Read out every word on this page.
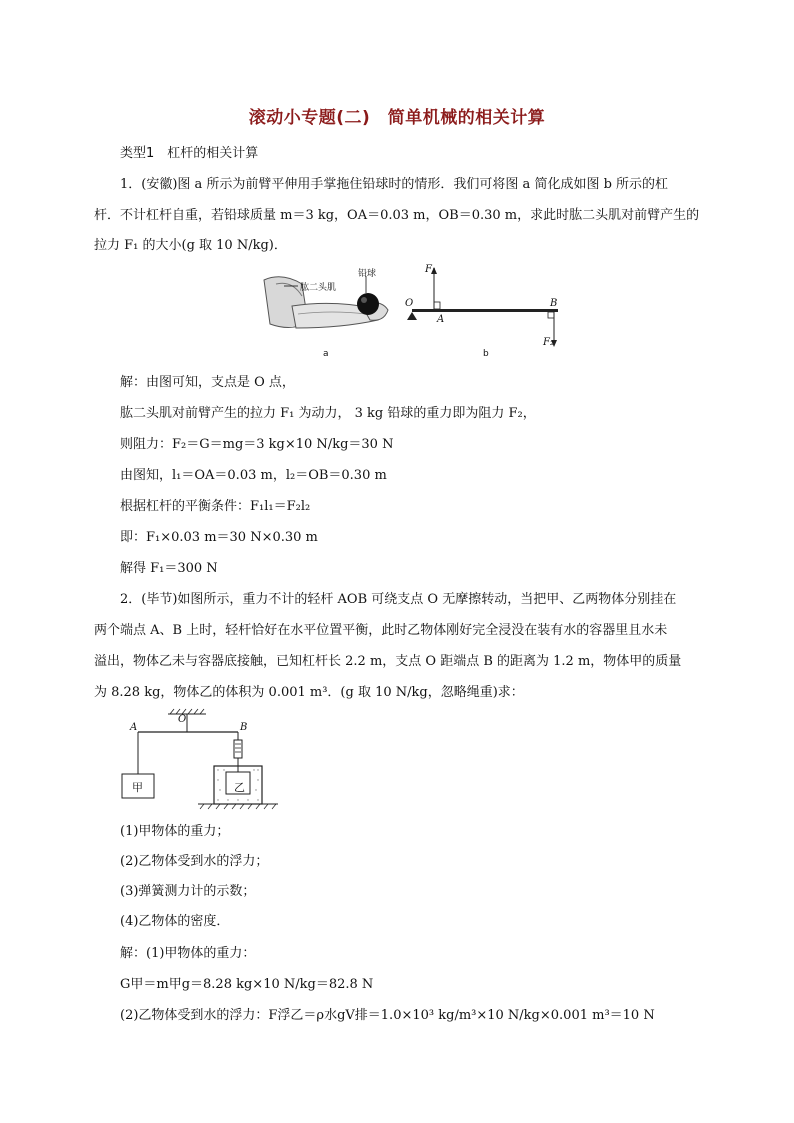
滚动小专题(二)　简单机械的相关计算
类型1　杠杆的相关计算
1．(安徽)图 a 所示为前臂平伸用手掌拖住铅球时的情形．我们可将图 a 简化成如图 b 所示的杠
杆．不计杠杆自重，若铅球质量 m＝3 kg，OA＝0.03 m，OB＝0.30 m，求此时肱二头肌对前臂产生的
拉力 F₁ 的大小(g 取 10 N/kg)．
肱二头肌
铅球
a
O
A
B
F₁
F₂
b
解：由图可知，支点是 O 点，
肱二头肌对前臂产生的拉力 F₁ 为动力， 3 kg 铅球的重力即为阻力 F₂，
则阻力：F₂＝G＝mg＝3 kg×10 N/kg＝30 N
由图知，l₁＝OA＝0.03 m，l₂＝OB＝0.30 m
根据杠杆的平衡条件：F₁l₁＝F₂l₂
即：F₁×0.03 m＝30 N×0.30 m
解得 F₁＝300 N
2．(毕节)如图所示，重力不计的轻杆 AOB 可绕支点 O 无摩擦转动，当把甲、乙两物体分别挂在
两个端点 A、B 上时，轻杆恰好在水平位置平衡，此时乙物体刚好完全浸没在装有水的容器里且水未
溢出，物体乙未与容器底接触，已知杠杆长 2.2 m，支点 O 距端点 B 的距离为 1.2 m，物体甲的质量
为 8.28 kg，物体乙的体积为 0.001 m³．(g 取 10 N/kg，忽略绳重)求：
A
O
B
甲	乙
(1)甲物体的重力；
(2)乙物体受到水的浮力；
(3)弹簧测力计的示数；
(4)乙物体的密度．
解：(1)甲物体的重力：
G甲＝m甲g＝8.28 kg×10 N/kg＝82.8 N
(2)乙物体受到水的浮力：F浮乙＝ρ水gV排＝1.0×10³ kg/m³×10 N/kg×0.001 m³＝10 N
